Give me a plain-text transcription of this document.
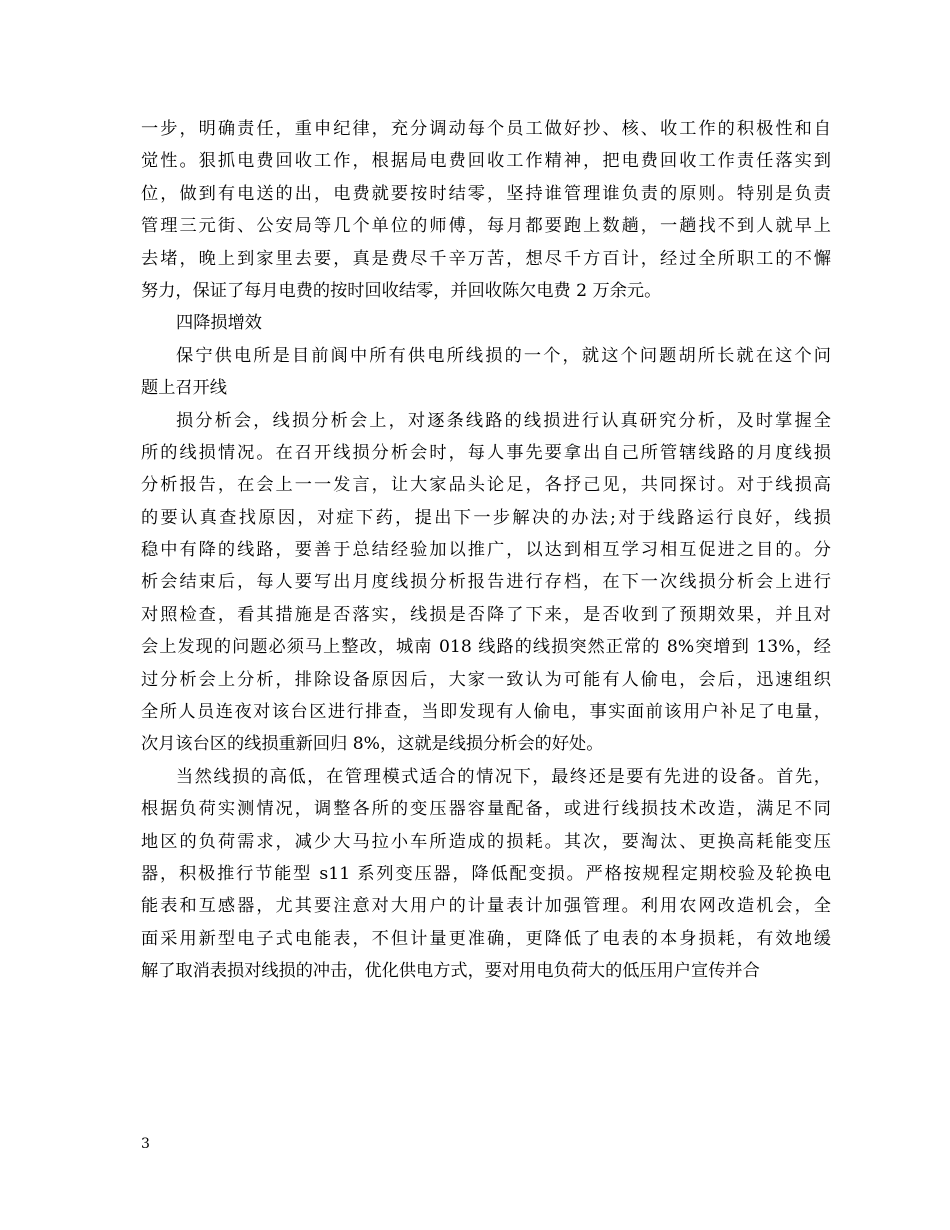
一步，明确责任，重申纪律，充分调动每个员工做好抄、核、收工作的积极性和自
觉性。狠抓电费回收工作，根据局电费回收工作精神，把电费回收工作责任落实到
位，做到有电送的出，电费就要按时结零，坚持谁管理谁负责的原则。特别是负责
管理三元街、公安局等几个单位的师傅，每月都要跑上数趟，一趟找不到人就早上
去堵，晚上到家里去要，真是费尽千辛万苦，想尽千方百计，经过全所职工的不懈
努力，保证了每月电费的按时回收结零，并回收陈欠电费 2 万余元。
四降损增效
保宁供电所是目前阆中所有供电所线损的一个，就这个问题胡所长就在这个问
题上召开线
损分析会，线损分析会上，对逐条线路的线损进行认真研究分析，及时掌握全
所的线损情况。在召开线损分析会时，每人事先要拿出自己所管辖线路的月度线损
分析报告，在会上一一发言，让大家品头论足，各抒己见，共同探讨。对于线损高
的要认真查找原因，对症下药，提出下一步解决的办法;对于线路运行良好，线损
稳中有降的线路，要善于总结经验加以推广，以达到相互学习相互促进之目的。分
析会结束后，每人要写出月度线损分析报告进行存档，在下一次线损分析会上进行
对照检查，看其措施是否落实，线损是否降了下来，是否收到了预期效果，并且对
会上发现的问题必须马上整改，城南 018 线路的线损突然正常的 8%突增到 13%，经
过分析会上分析，排除设备原因后，大家一致认为可能有人偷电，会后，迅速组织
全所人员连夜对该台区进行排查，当即发现有人偷电，事实面前该用户补足了电量，
次月该台区的线损重新回归 8%，这就是线损分析会的好处。
当然线损的高低，在管理模式适合的情况下，最终还是要有先进的设备。首先，
根据负荷实测情况，调整各所的变压器容量配备，或进行线损技术改造，满足不同
地区的负荷需求，减少大马拉小车所造成的损耗。其次，要淘汰、更换高耗能变压
器，积极推行节能型 s11 系列变压器，降低配变损。严格按规程定期校验及轮换电
能表和互感器，尤其要注意对大用户的计量表计加强管理。利用农网改造机会，全
面采用新型电子式电能表，不但计量更准确，更降低了电表的本身损耗，有效地缓
解了取消表损对线损的冲击，优化供电方式，要对用电负荷大的低压用户宣传并合
3
